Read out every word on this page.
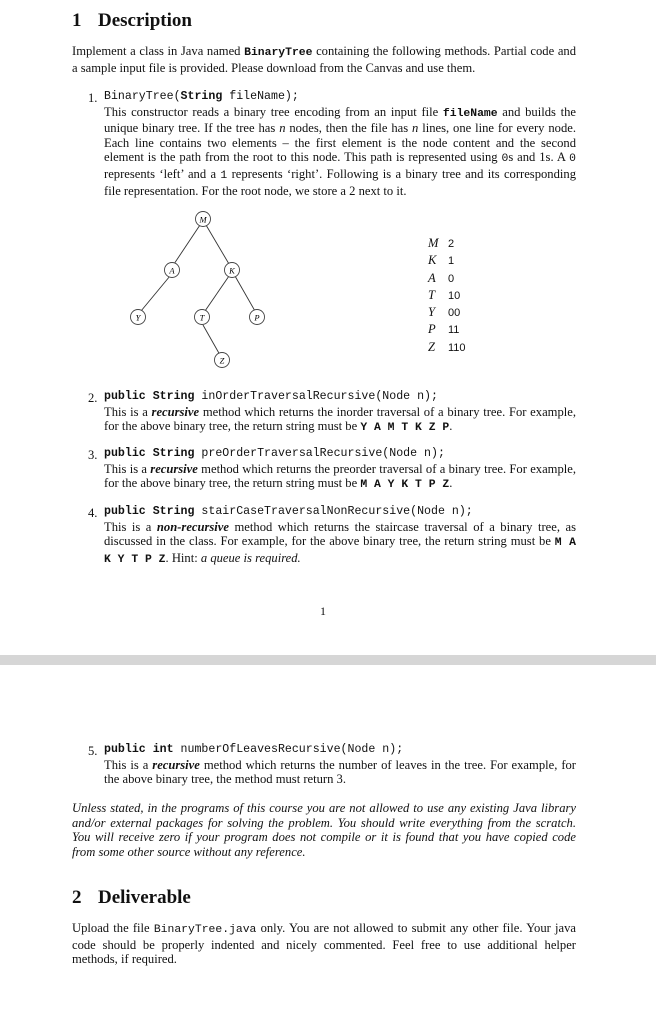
1 Description
Implement a class in Java named BinaryTree containing the following methods. Partial code and a sample input file is provided. Please download from the Canvas and use them.
1. BinaryTree(String fileName);
This constructor reads a binary tree encoding from an input file fileName and builds the unique binary tree. If the tree has n nodes, then the file has n lines, one line for every node. Each line contains two elements – the first element is the node content and the second element is the path from the root to this node. This path is represented using 0s and 1s. A 0 represents ‘left’ and a 1 represents ‘right’. Following is a binary tree and its corresponding file representation. For the root node, we store a 2 next to it.
M
A	K
Y	T	P
Z
M 2
K 1
A 0
T 10
Y 00
P 11
Z 110
2. public String inOrderTraversalRecursive(Node n);
This is a recursive method which returns the inorder traversal of a binary tree. For example, for the above binary tree, the return string must be Y A M T K Z P.
3. public String preOrderTraversalRecursive(Node n);
This is a recursive method which returns the preorder traversal of a binary tree. For example, for the above binary tree, the return string must be M A Y K T P Z.
4. public String stairCaseTraversalNonRecursive(Node n);
This is a non-recursive method which returns the staircase traversal of a binary tree, as discussed in the class. For example, for the above binary tree, the return string must be M A K Y T P Z. Hint: a queue is required.
1
5. public int numberOfLeavesRecursive(Node n);
This is a recursive method which returns the number of leaves in the tree. For example, for the above binary tree, the method must return 3.
Unless stated, in the programs of this course you are not allowed to use any existing Java library and/or external packages for solving the problem. You should write everything from the scratch. You will receive zero if your program does not compile or it is found that you have copied code from some other source without any reference.
2 Deliverable
Upload the file BinaryTree.java only. You are not allowed to submit any other file. Your java code should be properly indented and nicely commented. Feel free to use additional helper methods, if required.
